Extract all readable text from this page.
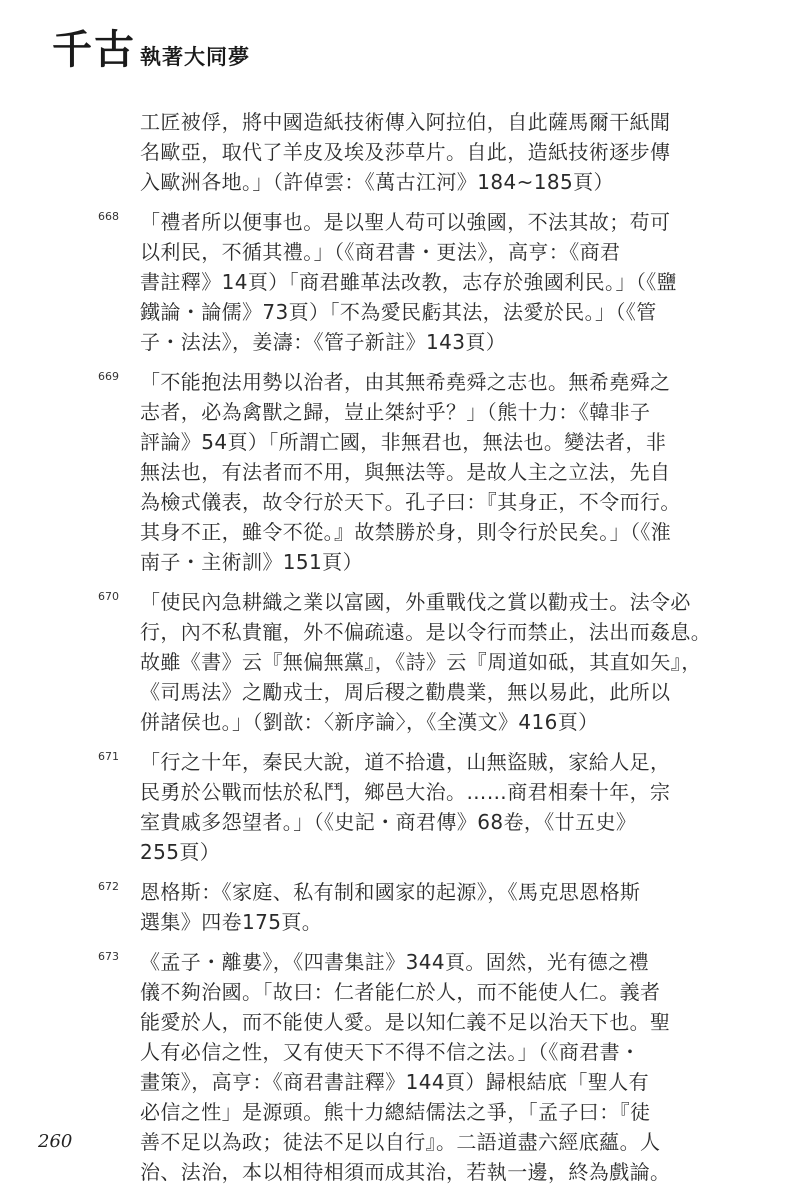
千古 執著大同夢
工匠被俘，將中國造紙技術傳入阿拉伯，自此薩馬爾干紙聞
名歐亞，取代了羊皮及埃及莎草片。自此，造紙技術逐步傳
入歐洲各地。」（許倬雲：《萬古江河》184~185頁）
668	「禮者所以便事也。是以聖人苟可以強國，不法其故；苟可
以利民，不循其禮。」（《商君書・更法》，高亨：《商君
書註釋》14頁）「商君雖革法改教，志存於強國利民。」（《鹽
鐵論・論儒》73頁）「不為愛民虧其法，法愛於民。」（《管
子・法法》，姜濤：《管子新註》143頁）
669	「不能抱法用勢以治者，由其無希堯舜之志也。無希堯舜之
志者，必為禽獸之歸，豈止桀紂乎？」（熊十力：《韓非子
評論》54頁）「所謂亡國，非無君也，無法也。變法者，非
無法也，有法者而不用，與無法等。是故人主之立法，先自
為檢式儀表，故令行於天下。孔子曰：『其身正，不令而行。
其身不正，雖令不從。』故禁勝於身，則令行於民矣。」（《淮
南子・主術訓》151頁）
670	「使民內急耕織之業以富國，外重戰伐之賞以勸戎士。法令必
行，內不私貴寵，外不偏疏遠。是以令行而禁止，法出而姦息。
故雖《書》云『無偏無黨』，《詩》云『周道如砥，其直如矢』，
《司馬法》之勵戎士，周后稷之勸農業，無以易此，此所以
併諸侯也。」（劉歆：〈新序論〉，《全漢文》416頁）
671	「行之十年，秦民大說，道不拾遺，山無盜賊，家給人足，
民勇於公戰而怯於私鬥，鄉邑大治。……商君相秦十年，宗
室貴戚多怨望者。」（《史記・商君傳》68卷，《廿五史》
255頁）
672	恩格斯：《家庭、私有制和國家的起源》，《馬克思恩格斯
選集》四卷175頁。
673	《孟子・離婁》，《四書集註》344頁。固然，光有德之禮
儀不夠治國。「故曰：仁者能仁於人，而不能使人仁。義者
能愛於人，而不能使人愛。是以知仁義不足以治天下也。聖
人有必信之性，又有使天下不得不信之法。」（《商君書・
畫策》，高亨：《商君書註釋》144頁）歸根結底「聖人有
必信之性」是源頭。熊十力總結儒法之爭，「孟子曰：『徒
善不足以為政；徒法不足以自行』。二語道盡六經底蘊。人
治、法治，本以相待相須而成其治，若執一邊，終為戲論。
260
